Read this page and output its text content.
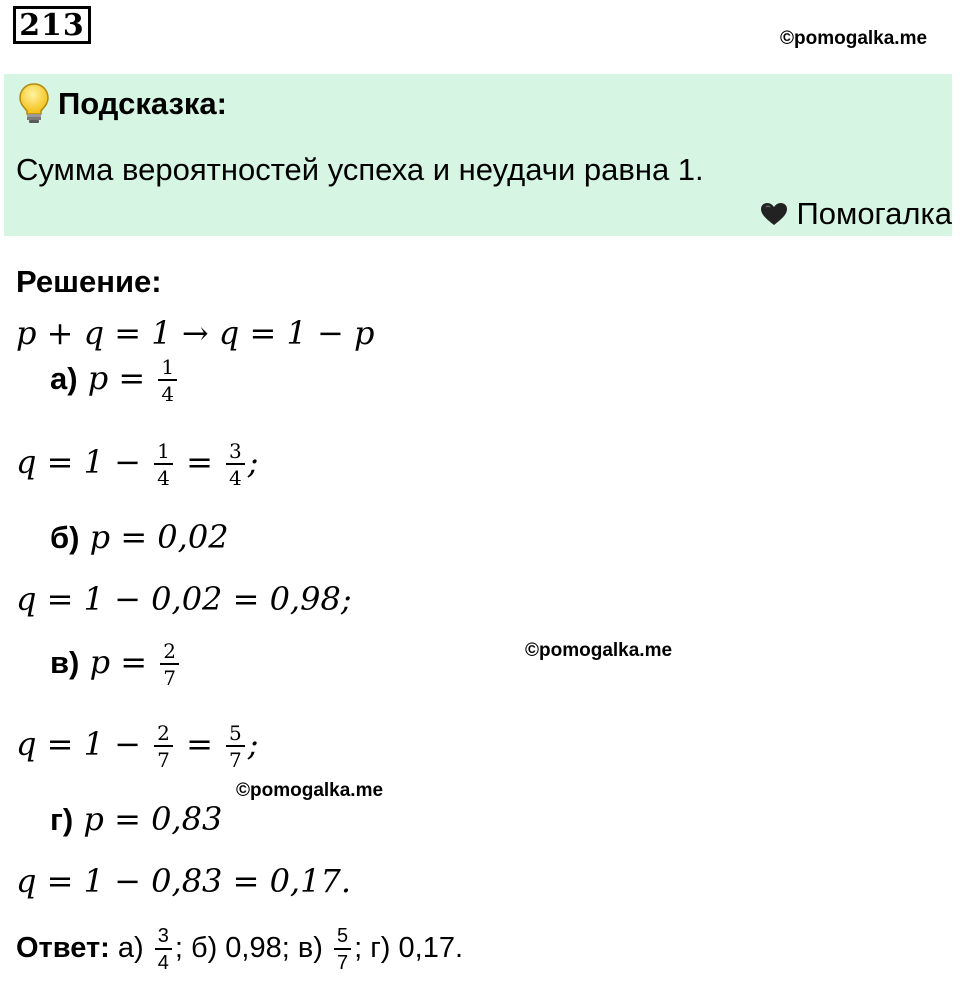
213	©pomogalka.me
Подсказка:
Сумма вероятностей успеха и неудачи равна 1.
Помогалка
Решение:
p + q = 1 → q = 1 − p
а) $p = \frac{1}{4}$
$q = 1 - \frac{1}{4} = \frac{3}{4}$ ;
б) p = 0,02
q = 1 − 0,02 = 0,98;
©pomogalka.me
в) $p = \frac{2}{7}$
$q = 1 - \frac{2}{7} = \frac{5}{7}$ ;
©pomogalka.me
г) p = 0,83
q = 1 − 0,83 = 0,17.
Ответ: $а) \frac{3}{4}$ ; б) 0,98; $в) \frac{5}{7}$ ; г) 0,17.
